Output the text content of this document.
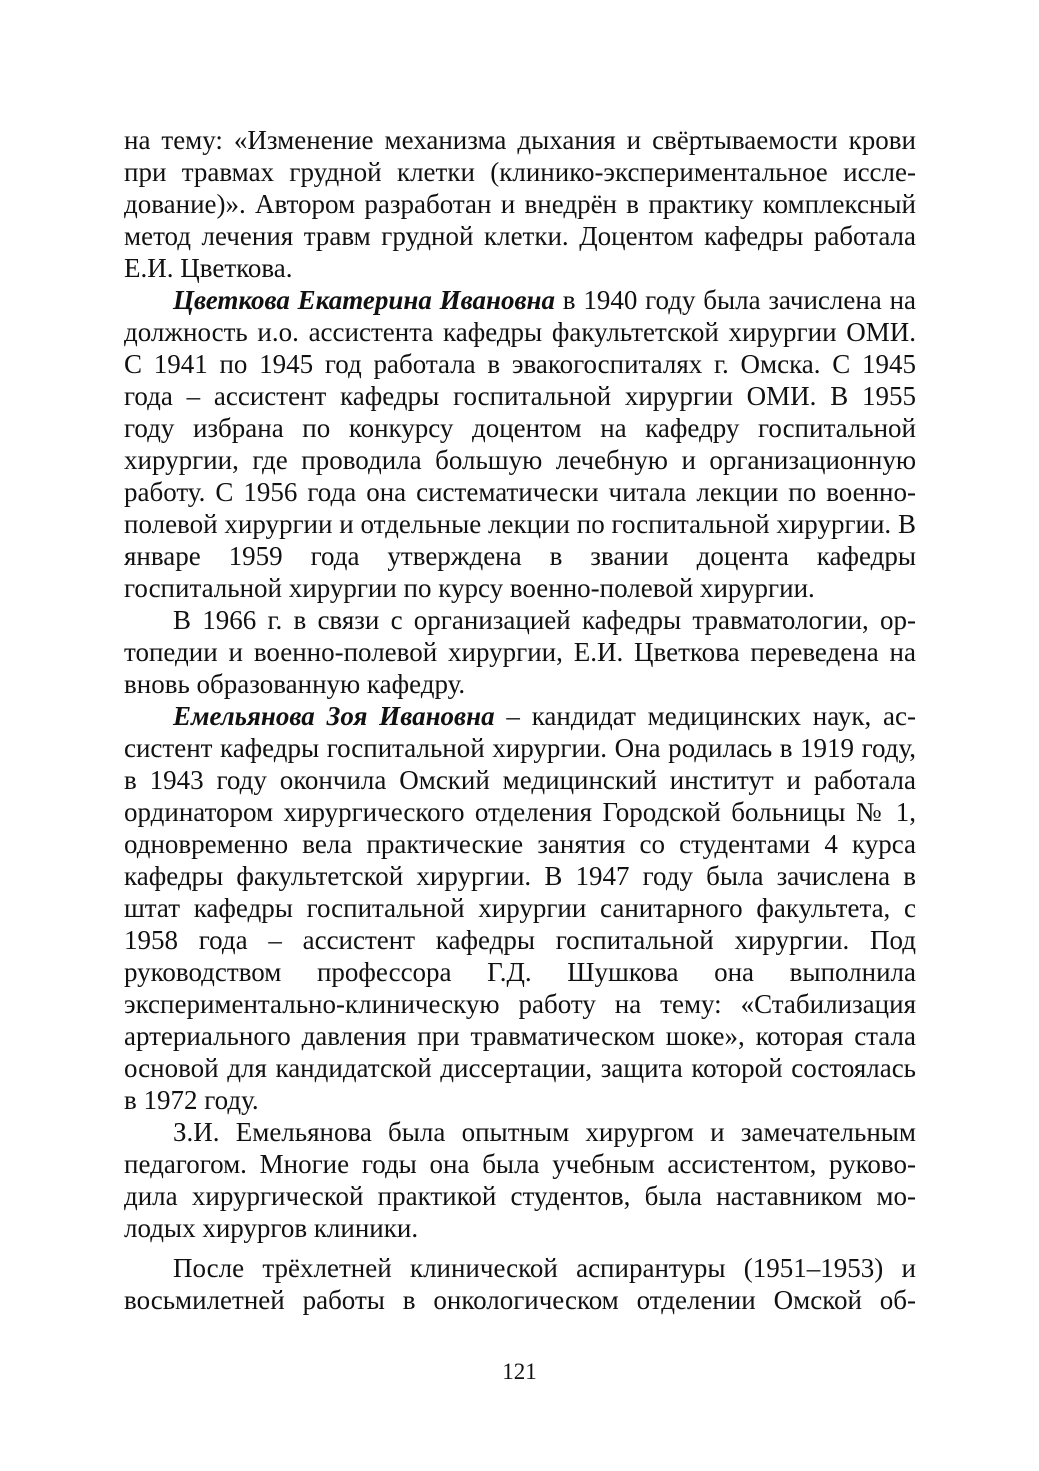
на тему: «Изменение механизма дыхания и свёртываемости крови при травмах грудной клетки (клинико-экспериментальное исследование)». Автором разработан и внедрён в практику комплексный метод лечения травм грудной клетки. Доцентом кафедры работала Е.И. Цветкова.

Цветкова Екатерина Ивановна в 1940 году была зачислена на должность и.о. ассистента кафедры факультетской хирургии ОМИ. С 1941 по 1945 год работала в эвакогоспиталях г. Омска. С 1945 года – ассистент кафедры госпитальной хирургии ОМИ. В 1955 году избрана по конкурсу доцентом на кафедру госпитальной хирургии, где проводила большую лечебную и организационную работу. С 1956 года она систематически читала лекции по военно-полевой хирургии и отдельные лекции по госпитальной хирургии. В январе 1959 года утверждена в звании доцента кафедры госпитальной хирургии по курсу военно-полевой хирургии.

В 1966 г. в связи с организацией кафедры травматологии, ортопедии и военно-полевой хирургии, Е.И. Цветкова переведена на вновь образованную кафедру.

Емельянова Зоя Ивановна – кандидат медицинских наук, ассистент кафедры госпитальной хирургии. Она родилась в 1919 году, в 1943 году окончила Омский медицинский институт и работала ординатором хирургического отделения Городской больницы № 1, одновременно вела практические занятия со студентами 4 курса кафедры факультетской хирургии. В 1947 году была зачислена в штат кафедры госпитальной хирургии санитарного факультета, с 1958 года – ассистент кафедры госпитальной хирургии. Под руководством профессора Г.Д. Шушкова она выполнила экспериментально-клиническую работу на тему: «Стабилизация артериального давления при травматическом шоке», которая стала основой для кандидатской диссертации, защита которой состоялась в 1972 году.

З.И. Емельянова была опытным хирургом и замечательным педагогом. Многие годы она была учебным ассистентом, руководила хирургической практикой студентов, была наставником молодых хирургов клиники.

После трёхлетней клинической аспирантуры (1951–1953) и восьмилетней работы в онкологическом отделении Омской об-

121
